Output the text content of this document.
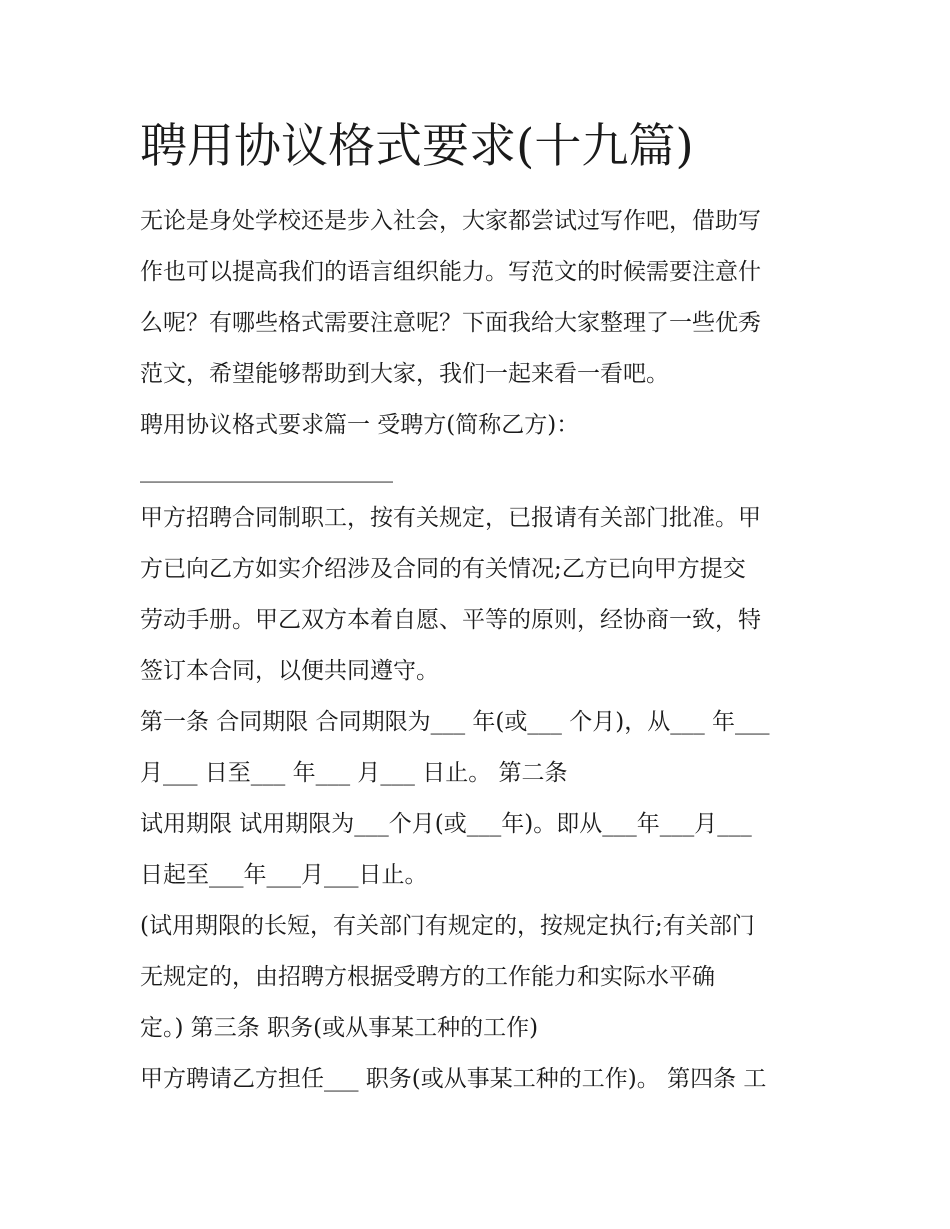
聘用协议格式要求(十九篇)

无论是身处学校还是步入社会，大家都尝试过写作吧，借助写

作也可以提高我们的语言组织能力。写范文的时候需要注意什

么呢？有哪些格式需要注意呢？下面我给大家整理了一些优秀

范文，希望能够帮助到大家，我们一起来看一看吧。

聘用协议格式要求篇一 受聘方(简称乙方)：

______________________

甲方招聘合同制职工，按有关规定，已报请有关部门批准。甲

方已向乙方如实介绍涉及合同的有关情况;乙方已向甲方提交

劳动手册。甲乙双方本着自愿、平等的原则，经协商一致，特

签订本合同，以便共同遵守。

第一条 合同期限 合同期限为___ 年(或___ 个月)，从___ 年___

月___ 日至___ 年___ 月___ 日止。 第二条

试用期限 试用期限为___个月(或___年)。即从___年___月___

日起至___年___月___日止。

(试用期限的长短，有关部门有规定的，按规定执行;有关部门

无规定的，由招聘方根据受聘方的工作能力和实际水平确

定。) 第三条 职务(或从事某工种的工作)

甲方聘请乙方担任___ 职务(或从事某工种的工作)。 第四条 工
